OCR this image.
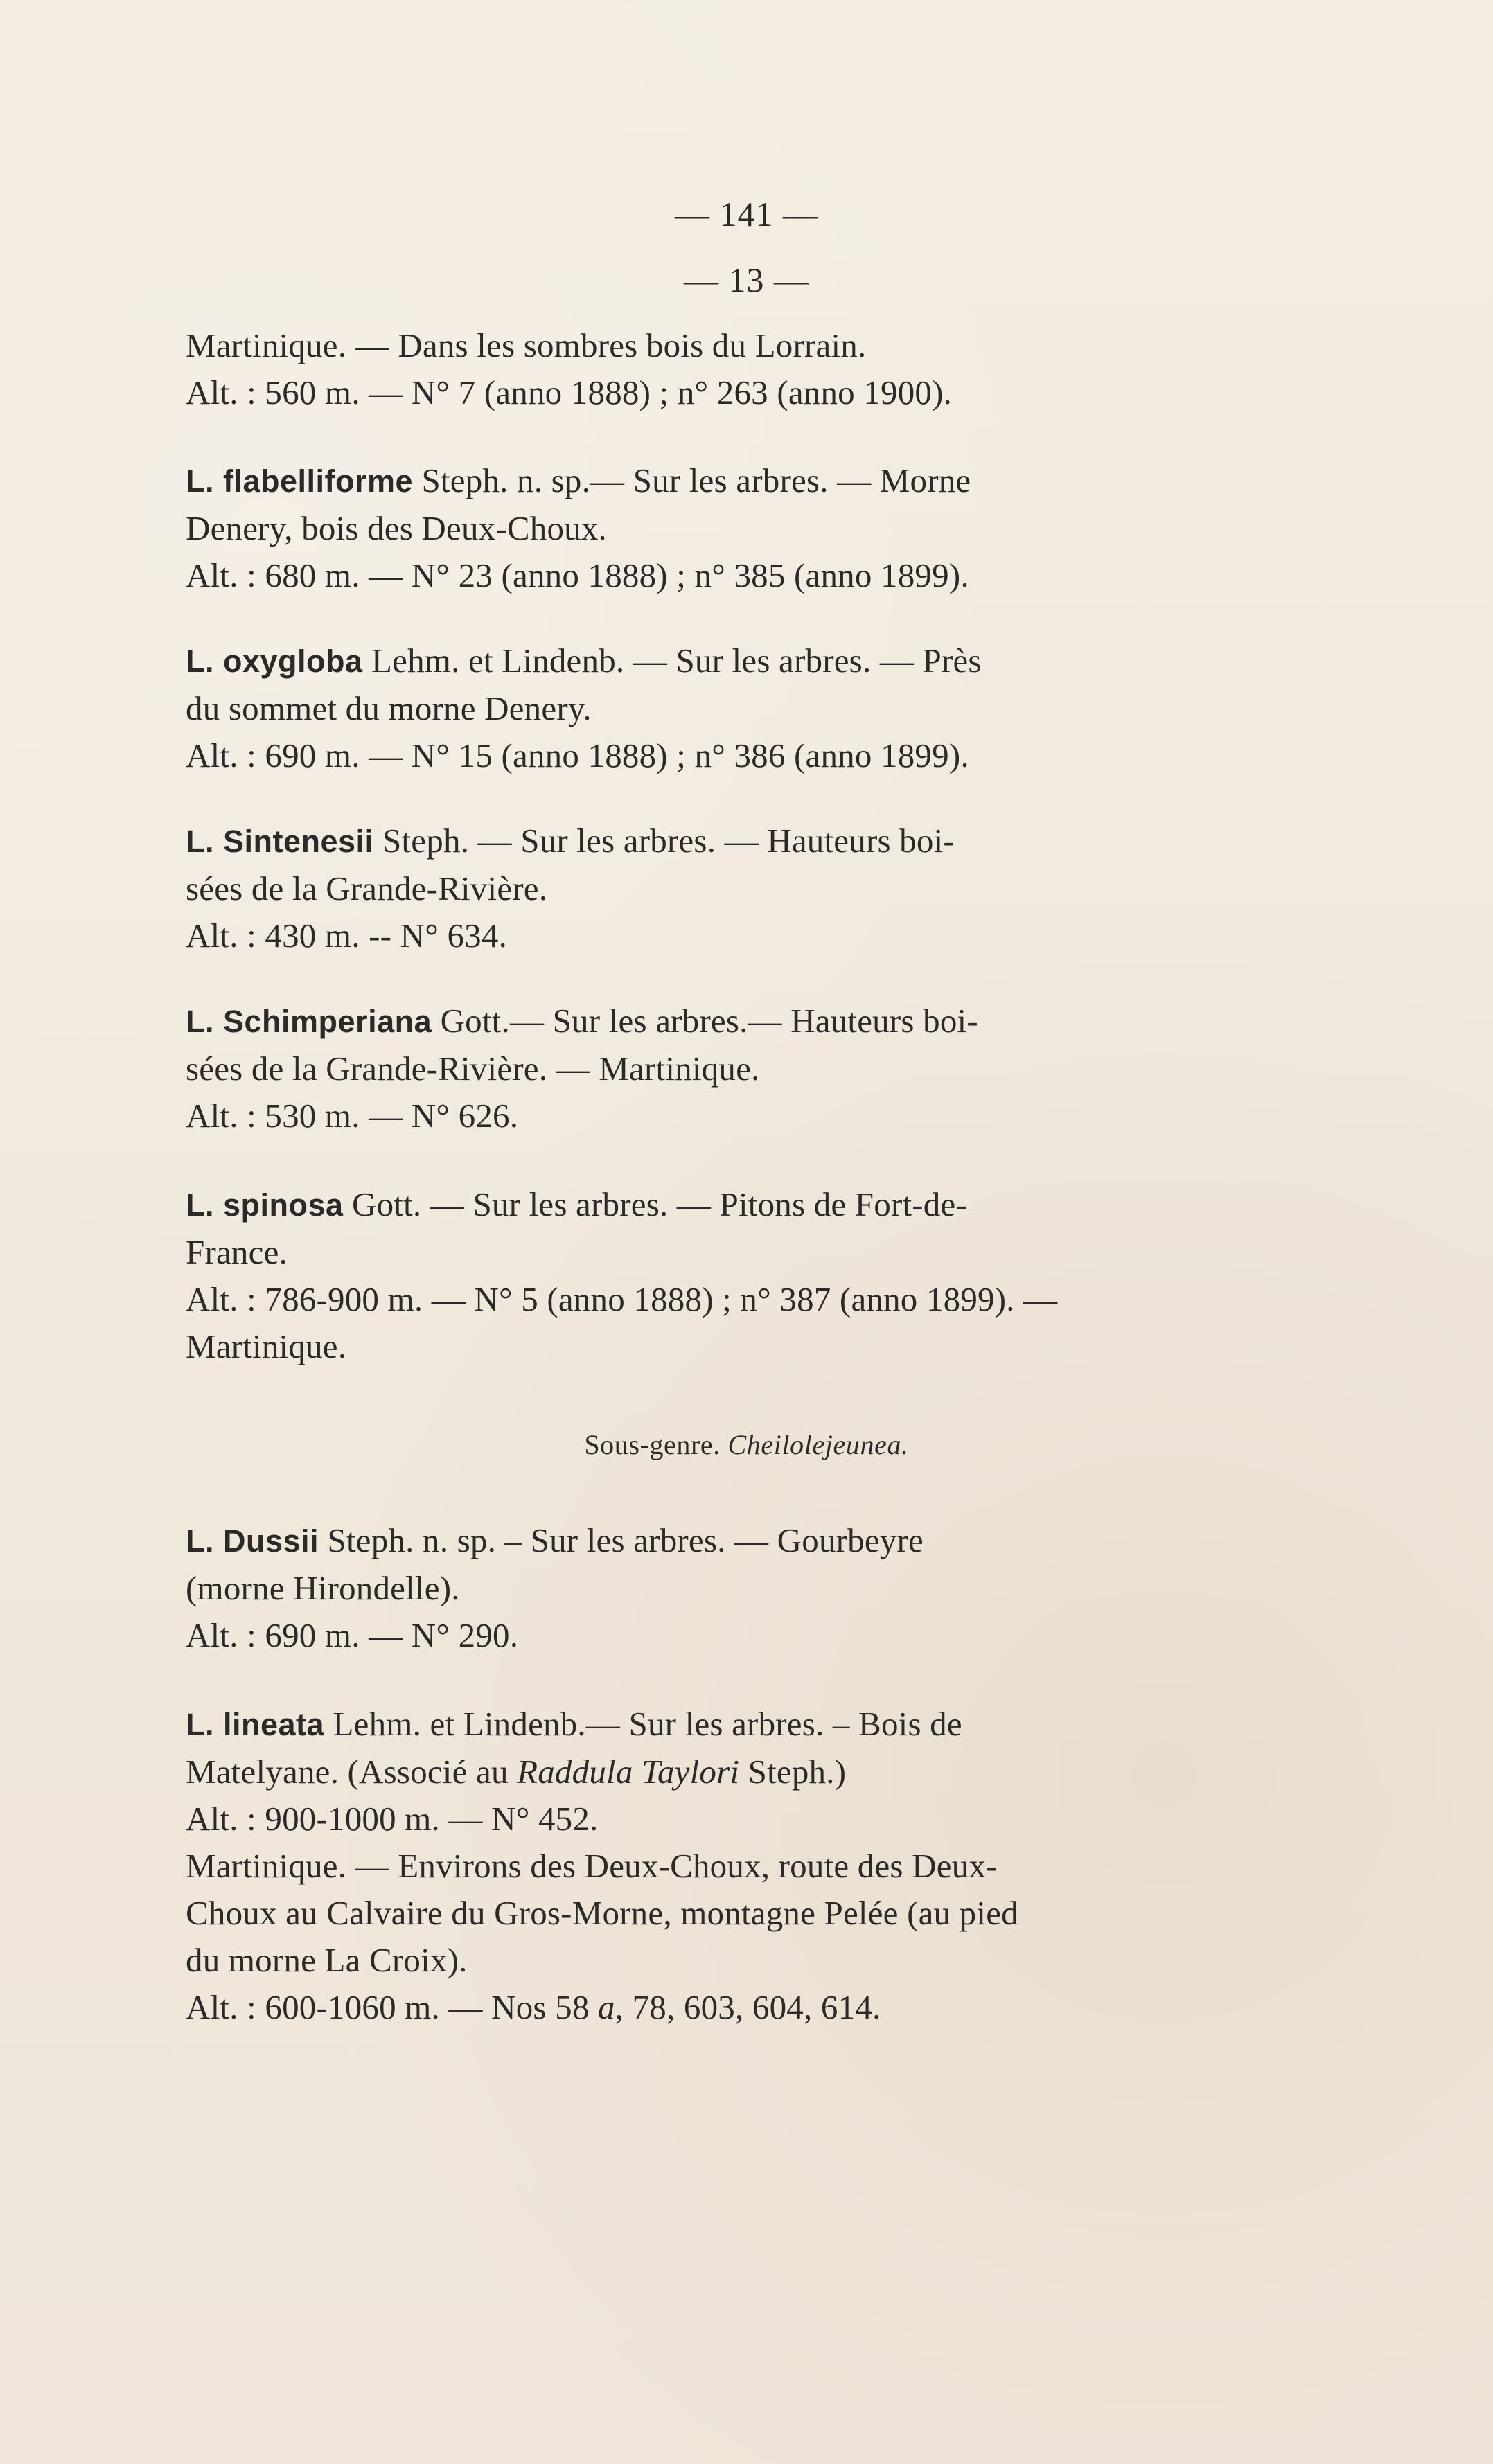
— 141 —
— 13 —
Martinique. — Dans les sombres bois du Lorrain.
Alt. : 560 m. — N° 7 (anno 1888) ; n° 263 (anno 1900).
L. flabelliforme Steph. n. sp.— Sur les arbres. — Morne
Denery, bois des Deux-Choux.
Alt. : 680 m. — N° 23 (anno 1888) ; n° 385 (anno 1899).
L. oxygloba Lehm. et Lindenb. — Sur les arbres. — Près
du sommet du morne Denery.
Alt. : 690 m. — N° 15 (anno 1888) ; n° 386 (anno 1899).
L. Sintenesii Steph. — Sur les arbres. — Hauteurs boi-
sées de la Grande-Rivière.
Alt. : 430 m. -- N° 634.
L. Schimperiana Gott.— Sur les arbres.— Hauteurs boi-
sées de la Grande-Rivière. — Martinique.
Alt. : 530 m. — N° 626.
L. spinosa Gott. — Sur les arbres. — Pitons de Fort-de-
France.
Alt. : 786-900 m. — N° 5 (anno 1888) ; n° 387 (anno 1899). —
Martinique.
Sous-genre. Cheilolejeunea.
L. Dussii Steph. n. sp. – Sur les arbres. — Gourbeyre
(morne Hirondelle).
Alt. : 690 m. — N° 290.
L. lineata Lehm. et Lindenb.— Sur les arbres. – Bois de
Matelyane. (Associé au Raddula Taylori Steph.)
Alt. : 900-1000 m. — N° 452.
Martinique. — Environs des Deux-Choux, route des Deux-
Choux au Calvaire du Gros-Morne, montagne Pelée (au pied
du morne La Croix).
Alt. : 600-1060 m. — Nos 58 a, 78, 603, 604, 614.
